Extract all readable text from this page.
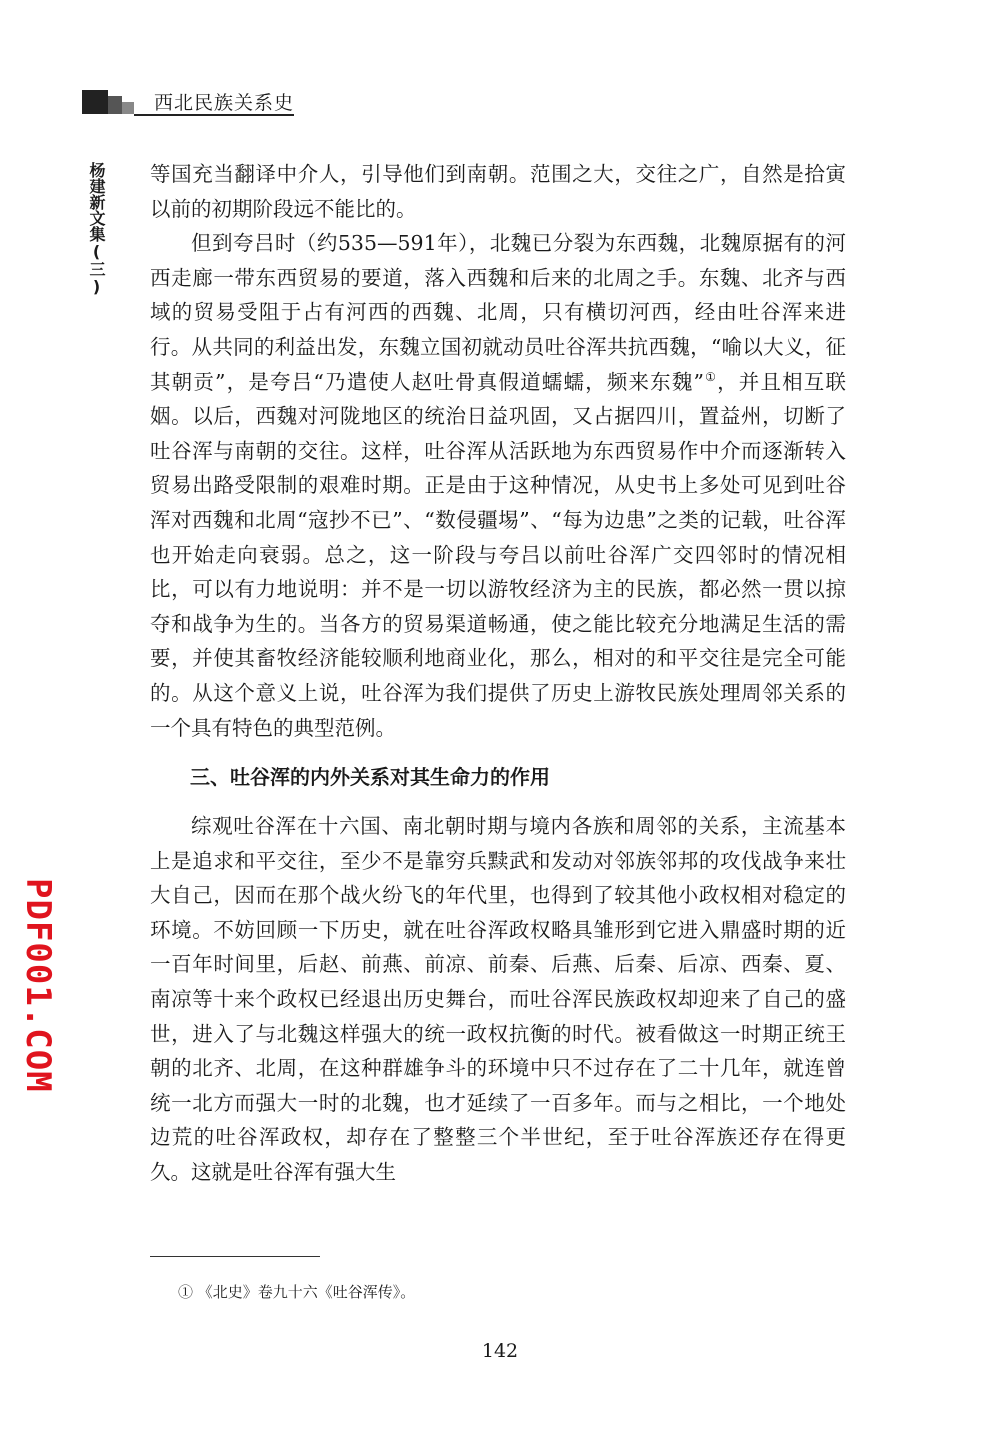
西北民族关系史
杨建新文集(三)
PDF001.COM

等国充当翻译中介人，引导他们到南朝。范围之大，交往之广，自然是拾寅以前的初期阶段远不能比的。

但到夸吕时（约535—591年），北魏已分裂为东西魏，北魏原据有的河西走廊一带东西贸易的要道，落入西魏和后来的北周之手。东魏、北齐与西域的贸易受阻于占有河西的西魏、北周，只有横切河西，经由吐谷浑来进行。从共同的利益出发，东魏立国初就动员吐谷浑共抗西魏，“喻以大义，征其朝贡”，是夸吕“乃遣使人赵吐骨真假道蠕蠕，频来东魏”①，并且相互联姻。以后，西魏对河陇地区的统治日益巩固，又占据四川，置益州，切断了吐谷浑与南朝的交往。这样，吐谷浑从活跃地为东西贸易作中介而逐渐转入贸易出路受限制的艰难时期。正是由于这种情况，从史书上多处可见到吐谷浑对西魏和北周“寇抄不已”、“数侵疆埸”、“每为边患”之类的记载，吐谷浑也开始走向衰弱。总之，这一阶段与夸吕以前吐谷浑广交四邻时的情况相比，可以有力地说明：并不是一切以游牧经济为主的民族，都必然一贯以掠夺和战争为生的。当各方的贸易渠道畅通，使之能比较充分地满足生活的需要，并使其畜牧经济能较顺利地商业化，那么，相对的和平交往是完全可能的。从这个意义上说，吐谷浑为我们提供了历史上游牧民族处理周邻关系的一个具有特色的典型范例。

三、吐谷浑的内外关系对其生命力的作用

综观吐谷浑在十六国、南北朝时期与境内各族和周邻的关系，主流基本上是追求和平交往，至少不是靠穷兵黩武和发动对邻族邻邦的攻伐战争来壮大自己，因而在那个战火纷飞的年代里，也得到了较其他小政权相对稳定的环境。不妨回顾一下历史，就在吐谷浑政权略具雏形到它进入鼎盛时期的近一百年时间里，后赵、前燕、前凉、前秦、后燕、后秦、后凉、西秦、夏、南凉等十来个政权已经退出历史舞台，而吐谷浑民族政权却迎来了自己的盛世，进入了与北魏这样强大的统一政权抗衡的时代。被看做这一时期正统王朝的北齐、北周，在这种群雄争斗的环境中只不过存在了二十几年，就连曾统一北方而强大一时的北魏，也才延续了一百多年。而与之相比，一个地处边荒的吐谷浑政权，却存在了整整三个半世纪，至于吐谷浑族还存在得更久。这就是吐谷浑有强大生

① 《北史》卷九十六《吐谷浑传》。
142
